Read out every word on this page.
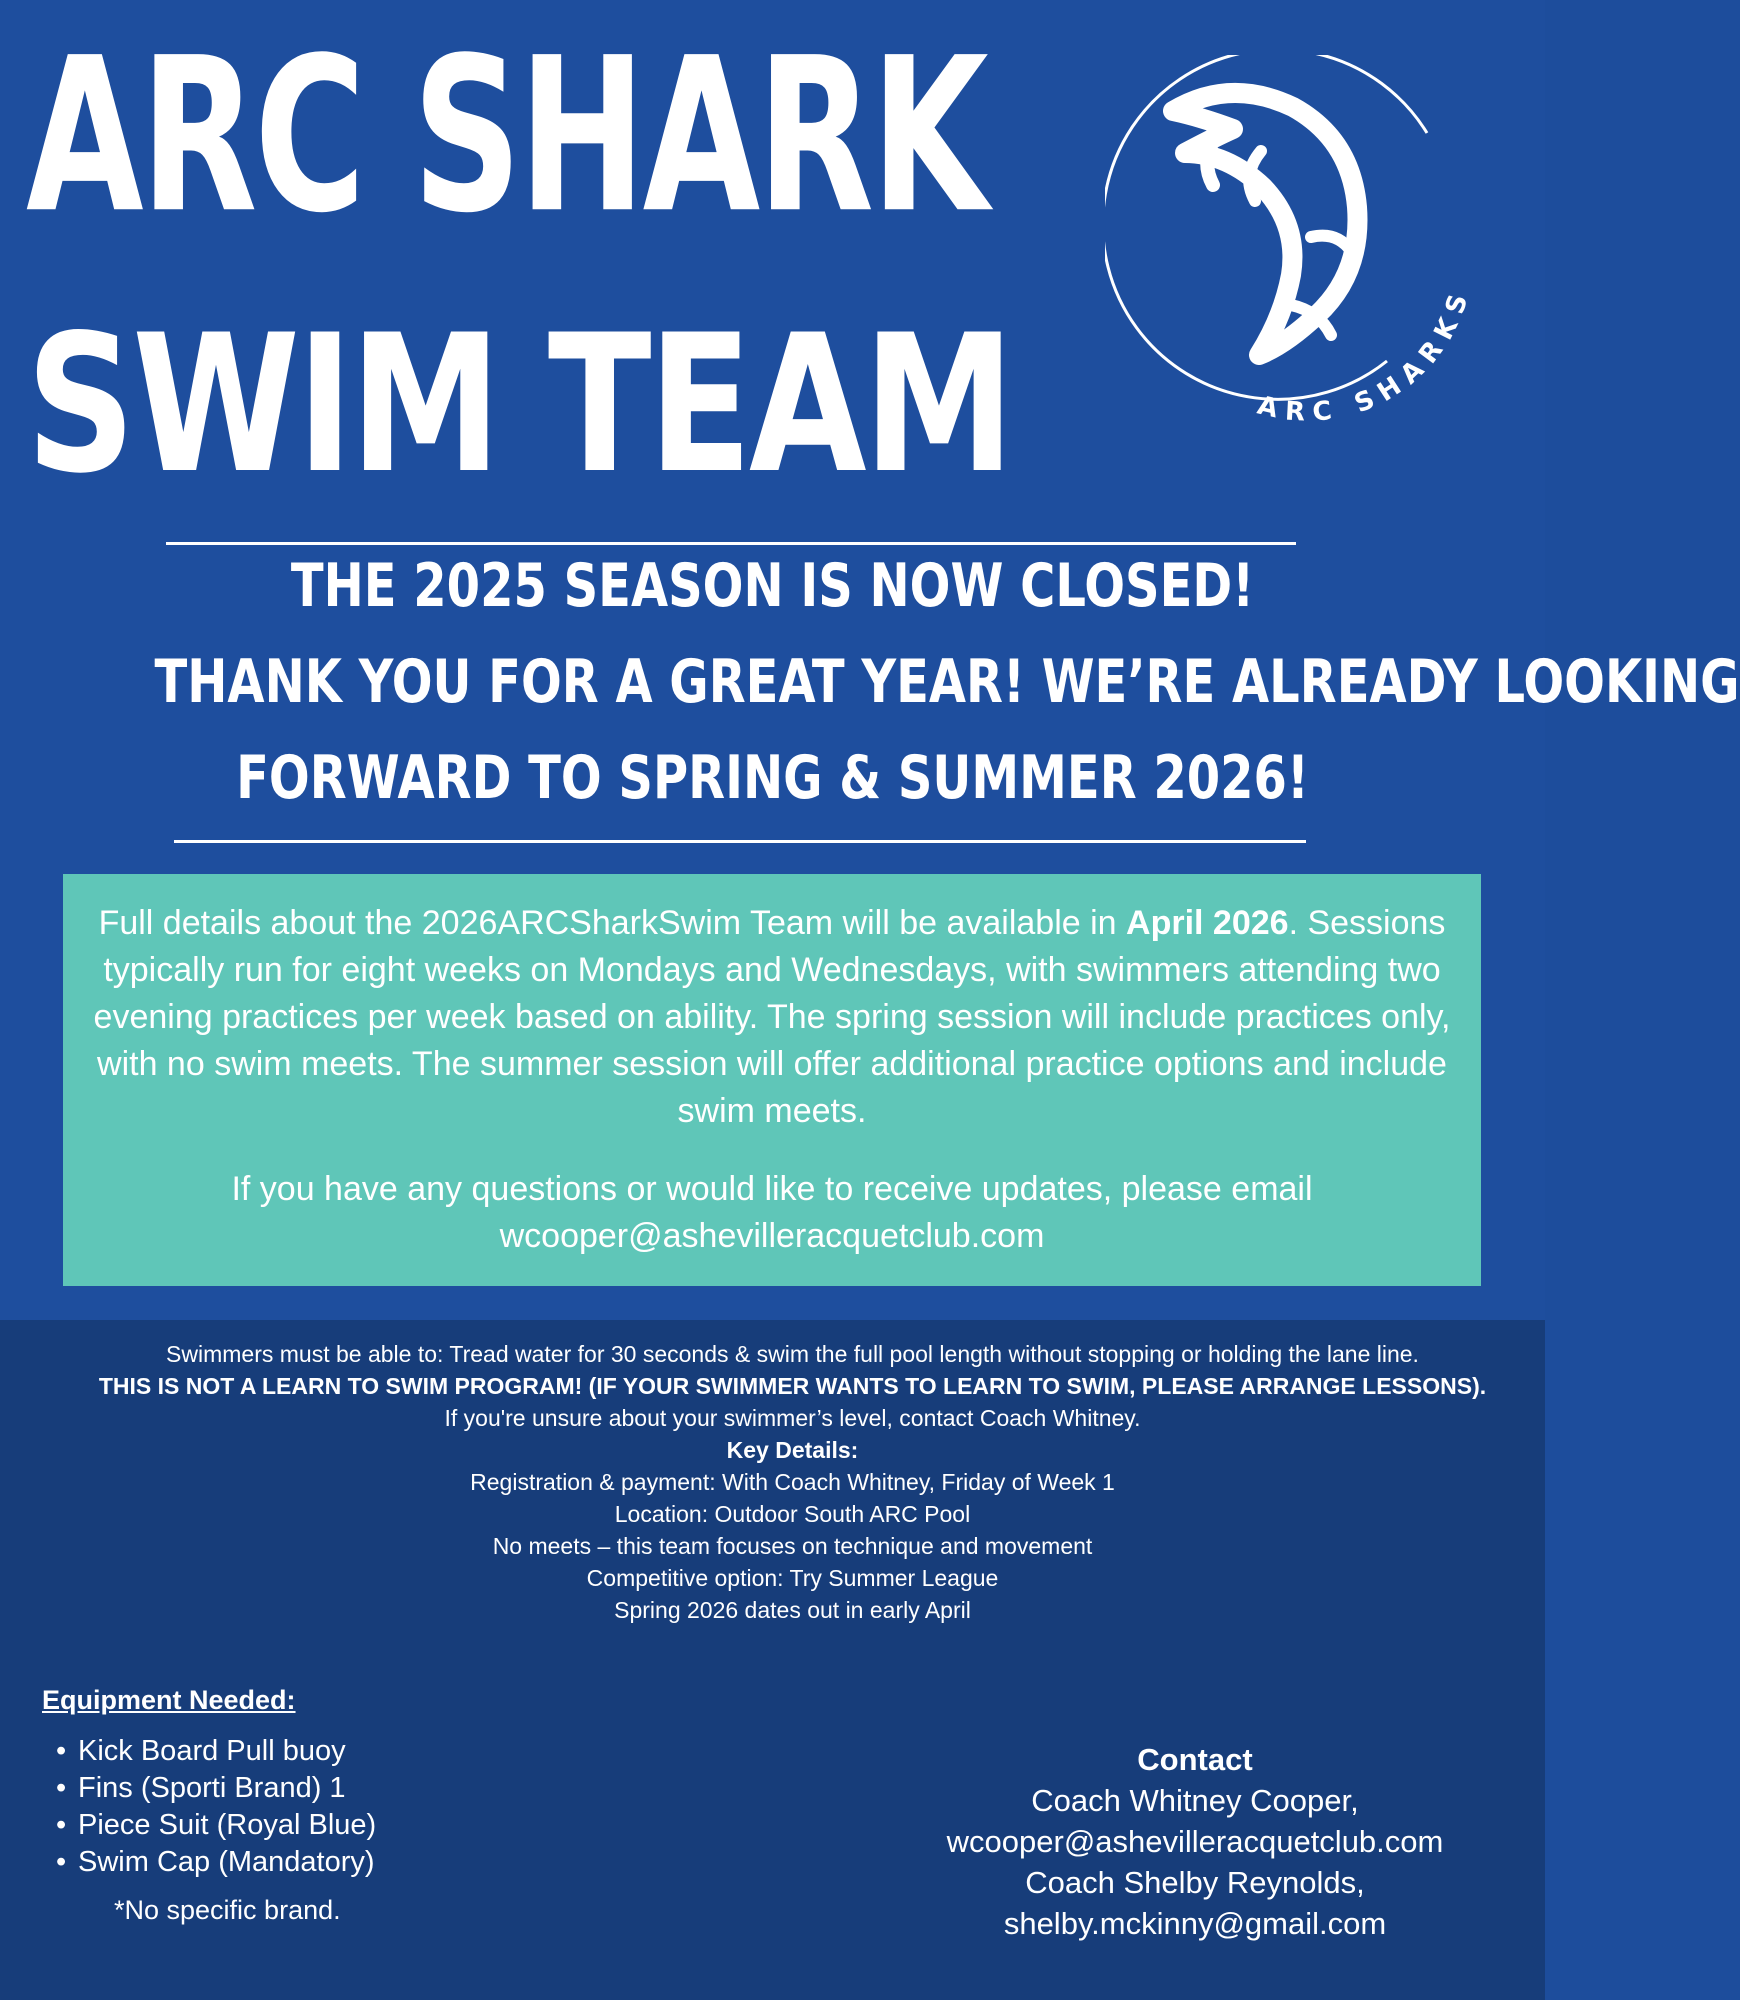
ARC SHARK
SWIM TEAM	ARC SHARKS
THE 2025 SEASON IS NOW CLOSED!
THANK YOU FOR A GREAT YEAR! WE’RE ALREADY LOOKING
FORWARD TO SPRING & SUMMER 2026!

Full details about the 2026ARCSharkSwim Team will be available in April 2026. Sessions typically run for eight weeks on Mondays and Wednesdays, with swimmers attending two evening practices per week based on ability. The spring session will include practices only, with no swim meets. The summer session will offer additional practice options and include swim meets.

If you have any questions or would like to receive updates, please email wcooper@ashevilleracquetclub.com

Swimmers must be able to: Tread water for 30 seconds & swim the full pool length without stopping or holding the lane line.
THIS IS NOT A LEARN TO SWIM PROGRAM! (IF YOUR SWIMMER WANTS TO LEARN TO SWIM, PLEASE ARRANGE LESSONS).
If you're unsure about your swimmer’s level, contact Coach Whitney.
Key Details:
Registration & payment: With Coach Whitney, Friday of Week 1
Location: Outdoor South ARC Pool
No meets – this team focuses on technique and movement
Competitive option: Try Summer League
Spring 2026 dates out in early April
Equipment Needed:
• Kick Board Pull buoy
• Fins (Sporti Brand) 1
• Piece Suit (Royal Blue)
• Swim Cap (Mandatory)
*No specific brand.
Contact
Coach Whitney Cooper,
wcooper@ashevilleracquetclub.com
Coach Shelby Reynolds,
shelby.mckinny@gmail.com
